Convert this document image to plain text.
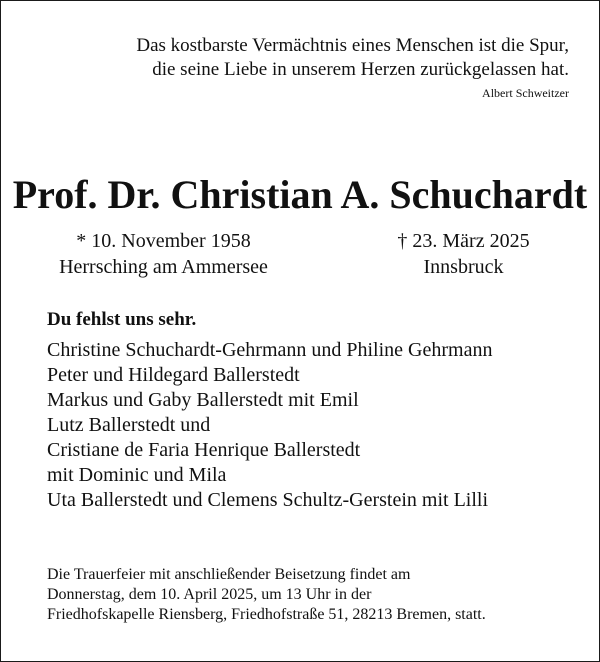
Das kostbarste Vermächtnis eines Menschen ist die Spur,
die seine Liebe in unserem Herzen zurückgelassen hat.
Albert Schweitzer
Prof. Dr. Christian A. Schuchardt
* 10. November 1958
Herrsching am Ammersee
† 23. März 2025
Innsbruck
Du fehlst uns sehr.
Christine Schuchardt-Gehrmann und Philine Gehrmann
Peter und Hildegard Ballerstedt
Markus und Gaby Ballerstedt mit Emil
Lutz Ballerstedt und
Cristiane de Faria Henrique Ballerstedt
mit Dominic und Mila
Uta Ballerstedt und Clemens Schultz-Gerstein mit Lilli
Die Trauerfeier mit anschließender Beisetzung findet am
Donnerstag, dem 10. April 2025, um 13 Uhr in der
Friedhofskapelle Riensberg, Friedhofstraße 51, 28213 Bremen, statt.
